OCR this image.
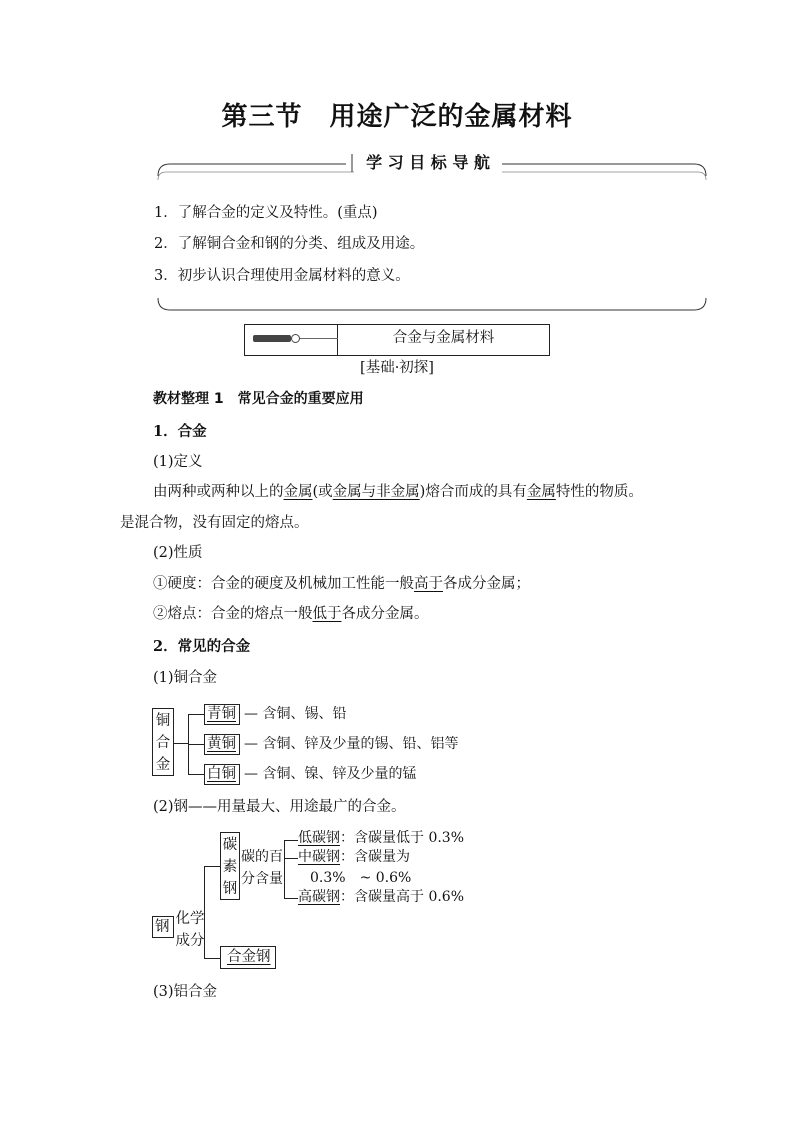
第三节　用途广泛的金属材料
学 习 目 标 导 航
1．了解合金的定义及特性。(重点)
2．了解铜合金和钢的分类、组成及用途。
3．初步认识合理使用金属材料的意义。
合金与金属材料
[基础·初探]
教材整理 1　常见合金的重要应用
1．合金
(1)定义
由两种或两种以上的金属(或金属与非金属)熔合而成的具有金属特性的物质。
是混合物，没有固定的熔点。
(2)性质
①硬度：合金的硬度及机械加工性能一般高于各成分金属；
②熔点：合金的熔点一般低于各成分金属。
2．常见的合金
(1)铜合金
铜合金
青铜 — 含铜、锡、铅
黄铜 — 含铜、锌及少量的锡、铅、铝等
白铜 — 含铜、镍、锌及少量的锰
(2)钢——用量最大、用途最广的合金。
钢 化学成分
碳素钢
碳的百分含量
低碳钢：含碳量低于 0.3%
中碳钢：含碳量为
0.3%　~ 0.6%
高碳钢：含碳量高于 0.6%
合金钢
(3)铝合金
